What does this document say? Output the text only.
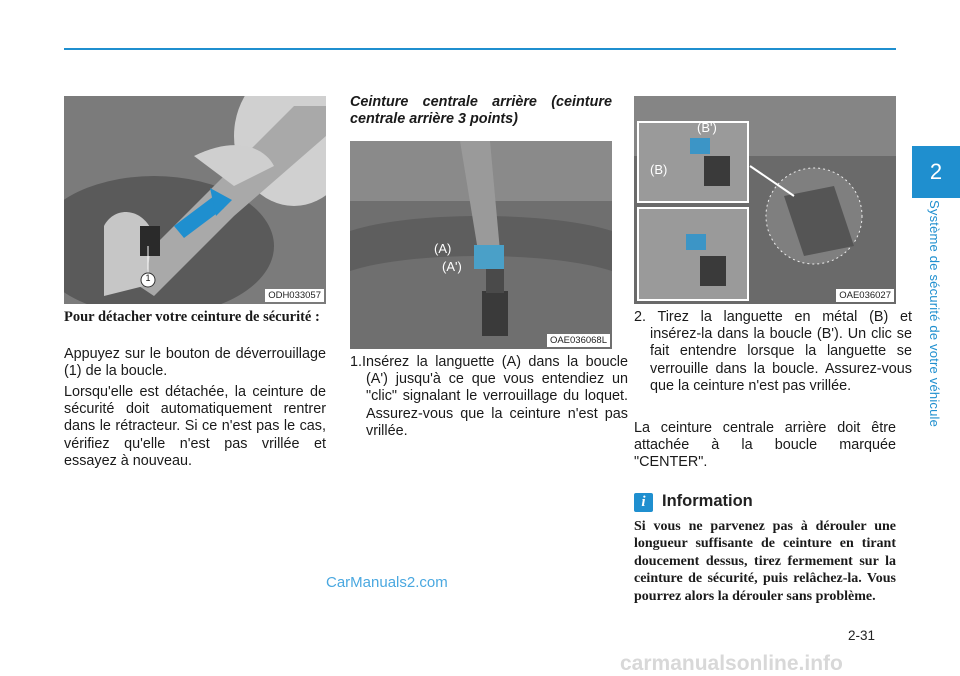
2
Système de sécurité de votre véhicule
1
ODH033057
Pour détacher votre ceinture de sécurité :
Appuyez sur le bouton de déverrouillage (1) de la boucle.
Lorsqu'elle est détachée, la ceinture de sécurité doit automatiquement rentrer dans le rétracteur. Si ce n'est pas le cas, vérifiez qu'elle n'est pas vrillée et essayez à nouveau.
Ceinture centrale arrière (ceinture centrale arrière 3 points)
(A)
(A')
OAE036068L
1.Insérez la languette (A) dans la boucle (A') jusqu'à ce que vous entendiez un "clic" signalant le verrouillage du loquet. Assurez-vous que la ceinture n'est pas vrillée.
(B')
(B)
OAE036027
2. Tirez la languette en métal (B) et insérez-la dans la boucle (B'). Un clic se fait entendre lorsque la languette se verrouille dans la boucle. Assurez-vous que la ceinture n'est pas vrillée.
La ceinture centrale arrière doit être attachée à la boucle marquée "CENTER".
i Information
Si vous ne parvenez pas à dérouler une longueur suffisante de ceinture en tirant doucement dessus, tirez fermement sur la ceinture de sécurité, puis relâchez-la. Vous pourrez alors la dérouler sans problème.
CarManuals2.com
2-31
carmanualsonline.info
